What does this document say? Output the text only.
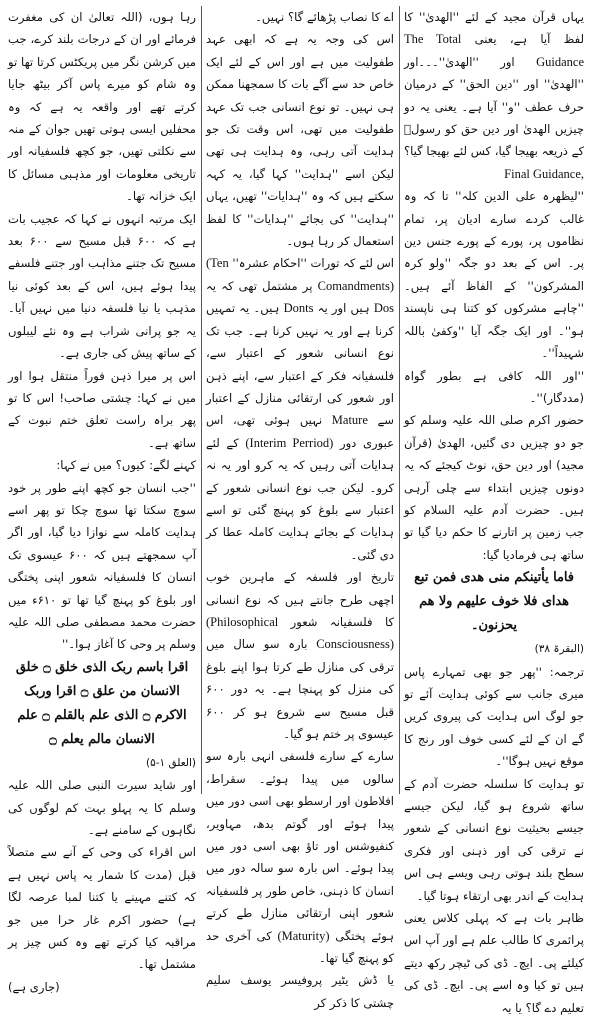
یہاں قرآن مجید کے لئے ''الھدیٰ'' کا لفظ آیا ہے، یعنی The Total Guidance اور ''الھدیٰ''۔۔۔اور ''الھدیٰ'' اور ''دین الحق'' کے درمیان حرف عطف ''و'' آیا ہے۔ یعنی یہ دو چیزیں الھدیٰ اور دین حق کو رسولؐ کے ذریعہ بھیجا گیا، کس لئے بھیجا گیا؟ Final Guidance,

''لیظھرہ علی الدین کلہ'' تا کہ وہ غالب کردے سارے ادیان پر، تمام نظاموں پر، پورے کے پورے جنس دین پر۔ اس کے بعد دو جگہ ''ولو کرہ المشرکون'' کے الفاظ آئے ہیں۔ ''چاہے مشرکوں کو کتنا ہی ناپسند ہو''۔ اور ایک جگہ آیا ''وکفیٰ باللہ شہیداً''۔

''اور اللہ کافی ہے بطور گواہ (مددگار)''۔

حضور اکرم صلی اللہ علیہ وسلم کو جو دو چیزیں دی گئیں، الھدیٰ (قرآن مجید) اور دین حق، نوٹ کیجئے کہ یہ دونوں چیزیں ابتداء سے چلی آرہی ہیں۔ حضرت آدم علیہ السلام کو جب زمین پر اتارنے کا حکم دیا گیا تو ساتھ ہی فرمادیا گیا:

فاما یأتینکم منی ھدی فمن تبع ھدای فلا خوف علیھم ولا ھم یحزنون۔

(البقرۃ ۳۸)

ترجمہ: ''پھر جو بھی تمہارے پاس میری جانب سے کوئی ہدایت آئے تو جو لوگ اس ہدایت کی پیروی کریں گے ان کے لئے کسی خوف اور رنج کا موقع نہیں ہوگا''۔

تو ہدایت کا سلسلہ حضرت آدم کے ساتھ شروع ہو گیا، لیکن جیسے جیسے بحیثیت نوع انسانی کے شعور نے ترقی کی اور ذہنی اور فکری سطح بلند ہوتی رہی ویسے ہی اس ہدایت کے اندر بھی ارتقاء ہوتا گیا۔

ظاہر بات ہے کہ پہلی کلاس یعنی پرائمری کا طالب علم ہے اور آپ اس کیلئے پی۔ ایچ۔ ڈی کی ٹیچر رکھ دیتے ہیں تو کیا وہ اسے پی۔ ایچ۔ ڈی کی تعلیم دے گا؟ یا یہ

اے کا نصاب پڑھائے گا؟ نہیں۔

اس کی وجہ یہ ہے کہ ابھی عہد طفولیت میں ہے اور اس کے لئے ایک خاص حد سے آگے بات کا سمجھنا ممکن ہی نہیں۔ تو نوع انسانی جب تک عہد طفولیت میں تھی، اس وقت تک جو ہدایت آتی رہی، وہ ہدایت ہی تھی لیکن اسے ''ہدایت'' کہا گیا، یہ کہہ سکتے ہیں کہ وہ ''ہدایات'' تھیں، یہاں ''ہدایت'' کی بجائے ''ہدایات'' کا لفظ استعمال کر رہا ہوں۔

اس لئے کہ تورات ''احکام عشرہ'' (Ten Comandments) پر مشتمل تھی کہ یہ Dos ہیں اور یہ Donts ہیں۔ یہ تمہیں کرنا ہے اور یہ نہیں کرنا ہے۔ جب تک نوع انسانی شعور کے اعتبار سے، فلسفیانہ فکر کے اعتبار سے، اپنے ذہن اور شعور کی ارتقائی منازل کے اعتبار سے Mature نہیں ہوئی تھی، اس عبوری دور (Interim Perriod) کے لئے ہدایات آتی رہیں کہ یہ کرو اور یہ نہ کرو۔ لیکن جب نوع انسانی شعور کے اعتبار سے بلوغ کو پہنچ گئی تو اسے ہدایات کے بجائے ہدایت کاملہ عطا کر دی گئی۔

تاریخ اور فلسفہ کے ماہرین خوب اچھی طرح جانتے ہیں کہ نوع انسانی کا فلسفیانہ شعور (Philosophical Consciousness) بارہ سو سال میں ترقی کی منازل طے کرتا ہوا اپنے بلوغ کی منزل کو پہنچا ہے۔ یہ دور ۶۰۰ قبل مسیح سے شروع ہو کر ۶۰۰ عیسوی پر ختم ہو گیا۔

سارے کے سارے فلسفی انہی بارہ سو سالوں میں پیدا ہوئے۔ سقراط، افلاطون اور ارسطو بھی اسی دور میں پیدا ہوئے اور گوتم بدھ، مہاویر، کنفیوشس اور تاؤ بھی اسی دور میں پیدا ہوئے۔ اس بارہ سو سالہ دور میں انسان کا ذہنی، خاص طور پر فلسفیانہ شعور اپنی ارتقائی منازل طے کرتے ہوئے پختگی (Maturity) کی آخری حد کو پہنچ گیا تھا۔

یا ڈش یٹیر پروفیسر یوسف سلیم چشتی کا ذکر کر

رہا ہوں، (اللہ تعالیٰ ان کی مغفرت فرمائے اور ان کے درجات بلند کرے، جب میں کرشن نگر میں پریکٹس کرتا تھا تو وہ شام کو میرے پاس آکر بیٹھ جایا کرتے تھے اور واقعہ یہ ہے کہ وہ محفلیں ایسی ہوتی تھیں جوان کے منہ سے نکلتی تھیں، جو کچھ فلسفیانہ اور تاریخی معلومات اور مذہبی مسائل کا ایک خزانہ تھا۔

ایک مرتبہ انہوں نے کہا کہ عجیب بات ہے کہ ۶۰۰ قبل مسیح سے ۶۰۰ بعد مسیح تک جتنے مذاہب اور جتنے فلسفے پیدا ہوئے ہیں، اس کے بعد کوئی نیا مذہب یا نیا فلسفہ دنیا میں نہیں آیا۔ یہ جو پرانی شراب ہے وہ نئے لیبلوں کے ساتھ پیش کی جاری ہے۔

اس پر میرا ذہن فوراً منتقل ہوا اور میں نے کہا: چشتی صاحب! اس کا تو پھر براہ راست تعلق ختم نبوت کے ساتھ ہے۔

کہنے لگے: کیوں؟ میں نے کہا:

''جب انسان جو کچھ اپنے طور پر خود سوچ سکتا تھا سوچ چکا تو پھر اسے ہدایت کاملہ سے نوازا دیا گیا، اور اگر آپ سمجھتے ہیں کہ ۶۰۰ عیسوی تک انسان کا فلسفیانہ شعور اپنی پختگی اور بلوغ کو پہنچ گیا تھا تو ۶۱۰ء میں حضرت محمد مصطفی صلی اللہ علیہ وسلم پر وحی کا آغاز ہوا۔''

اقرا باسم ربک الذی خلق ۝ خلق الانسان من علق ۝ اقرا وربک الاکرم ۝ الذی علم بالقلم ۝ علم الانسان مالم یعلم ۝

(العلق ۱-۵)

اور شاید سیرت النبی صلی اللہ علیہ وسلم کا یہ پہلو بہت کم لوگوں کی نگاہوں کے سامنے ہے۔

اس اقراء کی وحی کے آنے سے متصلاً قبل (مدت کا شمار یہ پاس نہیں ہے کہ کتنے مہینے یا کتنا لمبا عرصہ لگا ہے) حضور اکرم غار حرا میں جو مراقبہ کیا کرتے تھے وہ کس چیز پر مشتمل تھا۔

(جاری ہے)
